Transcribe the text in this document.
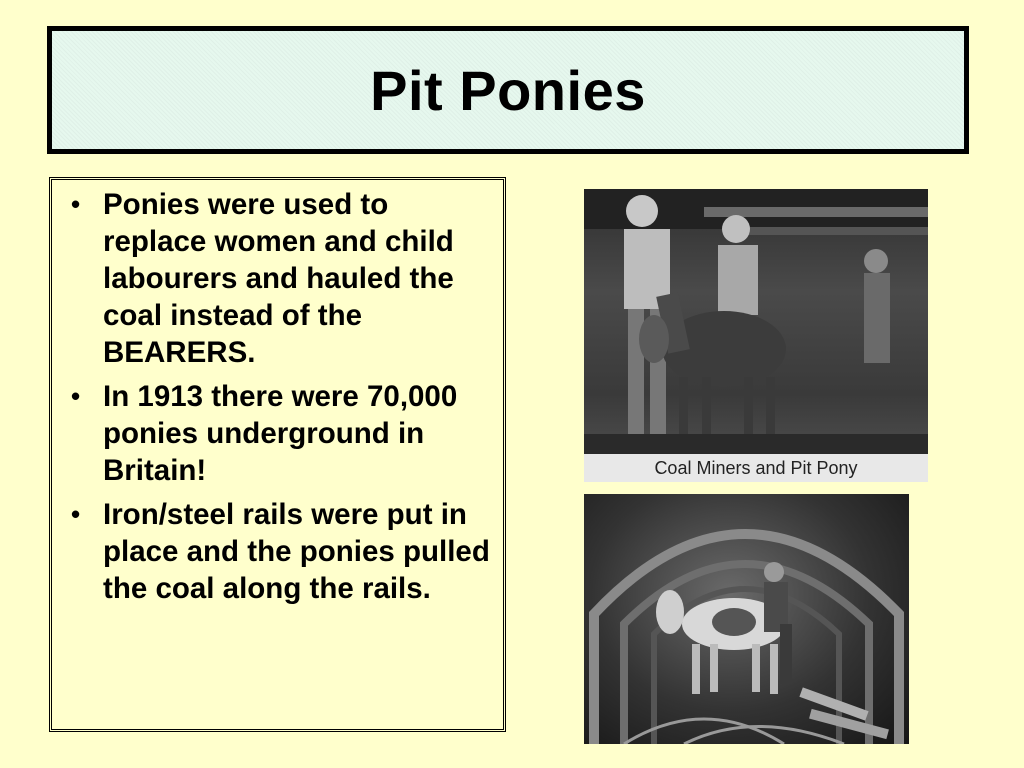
Pit Ponies
• Ponies were used to replace women and child labourers and hauled the coal instead of the BEARERS.
• In 1913 there were 70,000 ponies underground in Britain!
• Iron/steel rails were put in place and the ponies pulled the coal along the rails.
Coal Miners and Pit Pony
